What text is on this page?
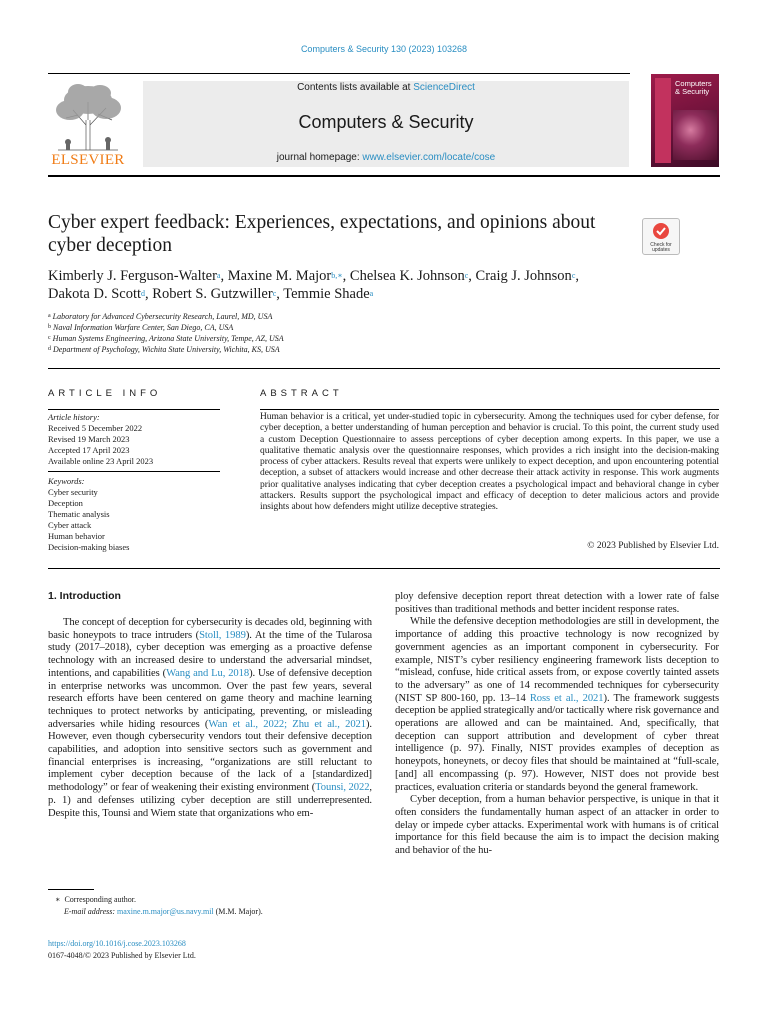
Computers & Security 130 (2023) 103268
ELSEVIER
Contents lists available at ScienceDirect
Computers & Security
journal homepage: www.elsevier.com/locate/cose
Computers & Security
Cyber expert feedback: Experiences, expectations, and opinions about cyber deception	Check for
updates
Kimberly J. Ferguson-Walter$^a$, Maxine M. Major$^{b,∗}$, Chelsea K. Johnson$^c$, Craig J. Johnson$^c$,
Dakota D. Scott$^d$, Robert S. Gutzwiller$^c$, Temmie Shade$^a$
$^a$ Laboratory for Advanced Cybersecurity Research, Laurel, MD, USA
$^b$ Naval Information Warfare Center, San Diego, CA, USA
$^c$ Human Systems Engineering, Arizona State University, Tempe, AZ, USA
$^d$ Department of Psychology, Wichita State University, Wichita, KS, USA
ARTICLE INFO
Article history:
Received 5 December 2022
Revised 19 March 2023
Accepted 17 April 2023
Available online 23 April 2023
Keywords:
Cyber security
Deception
Thematic analysis
Cyber attack
Human behavior
Decision-making biases
ABSTRACT
Human behavior is a critical, yet under-studied topic in cybersecurity. Among the techniques used for cyber defense, for cyber deception, a better understanding of human perception and behavior is crucial. To this point, the current study used a custom Deception Questionnaire to assess perceptions of cyber deception among experts. In this paper, we use a qualitative thematic analysis over the questionnaire responses, which provides a rich insight into the decision-making process of cyber attackers. Results reveal that experts were unlikely to expect deception, and upon encountering potential deception, a subset of attackers would increase and other decrease their attack activity in response. This work augments prior qualitative analyses indicating that cyber deception creates a psychological impact and behavioral change in cyber attackers. Results support the psychological impact and efficacy of deception to deter malicious actors and provide insights about how defenders might utilize deceptive strategies.
© 2023 Published by Elsevier Ltd.
1. Introduction

The concept of deception for cybersecurity is decades old, beginning with basic honeypots to trace intruders (Stoll, 1989). At the time of the Tularosa study (2017–2018), cyber deception was emerging as a proactive defense technology with an increased desire to understand the adversarial mindset, intentions, and capabilities (Wang and Lu, 2018). Use of defensive deception in enterprise networks was uncommon. Over the past few years, several research efforts have been centered on game theory and machine learning techniques to protect networks by anticipating, preventing, or misleading adversaries while hiding resources (Wan et al., 2022; Zhu et al., 2021). However, even though cybersecurity vendors tout their defensive deception capabilities, and adoption into sensitive sectors such as government and financial enterprises is increasing, “organizations are still reluctant to implement cyber deception because of the lack of a [standardized] methodology” or fear of weakening their existing environment (Tounsi, 2022, p. 1) and defenses utilizing cyber deception are still underrepresented. Despite this, Tounsi and Wiem state that organizations who em-

ploy defensive deception report threat detection with a lower rate of false positives than traditional methods and better incident response rates.

While the defensive deception methodologies are still in development, the importance of adding this proactive technology is now recognized by government agencies as an important component in cybersecurity. For example, NIST’s cyber resiliency engineering framework lists deception to “mislead, confuse, hide critical assets from, or expose covertly tainted assets to the adversary” as one of 14 recommended techniques for cybersecurity (NIST SP 800-160, pp. 13–14 Ross et al., 2021). The framework suggests deception be applied strategically and/or tactically where risk governance and operations are allowed and can be maintained. And, specifically, that deception can support attribution and development of cyber threat intelligence (p. 97). Finally, NIST provides examples of deception as honeypots, honeynets, or decoy files that should be maintained at “full-scale, [and] all encompassing (p. 97). However, NIST does not provide best practices, evaluation criteria or standards beyond the general framework.

Cyber deception, from a human behavior perspective, is unique in that it often considers the fundamentally human aspect of an attacker in order to delay or impede cyber attacks. Experimental work with humans is of critical importance for this field because the aim is to impact the decision making and behavior of the hu-

∗ Corresponding author.
E-mail address: maxine.m.major@us.navy.mil (M.M. Major).
https://doi.org/10.1016/j.cose.2023.103268
0167-4048/© 2023 Published by Elsevier Ltd.
